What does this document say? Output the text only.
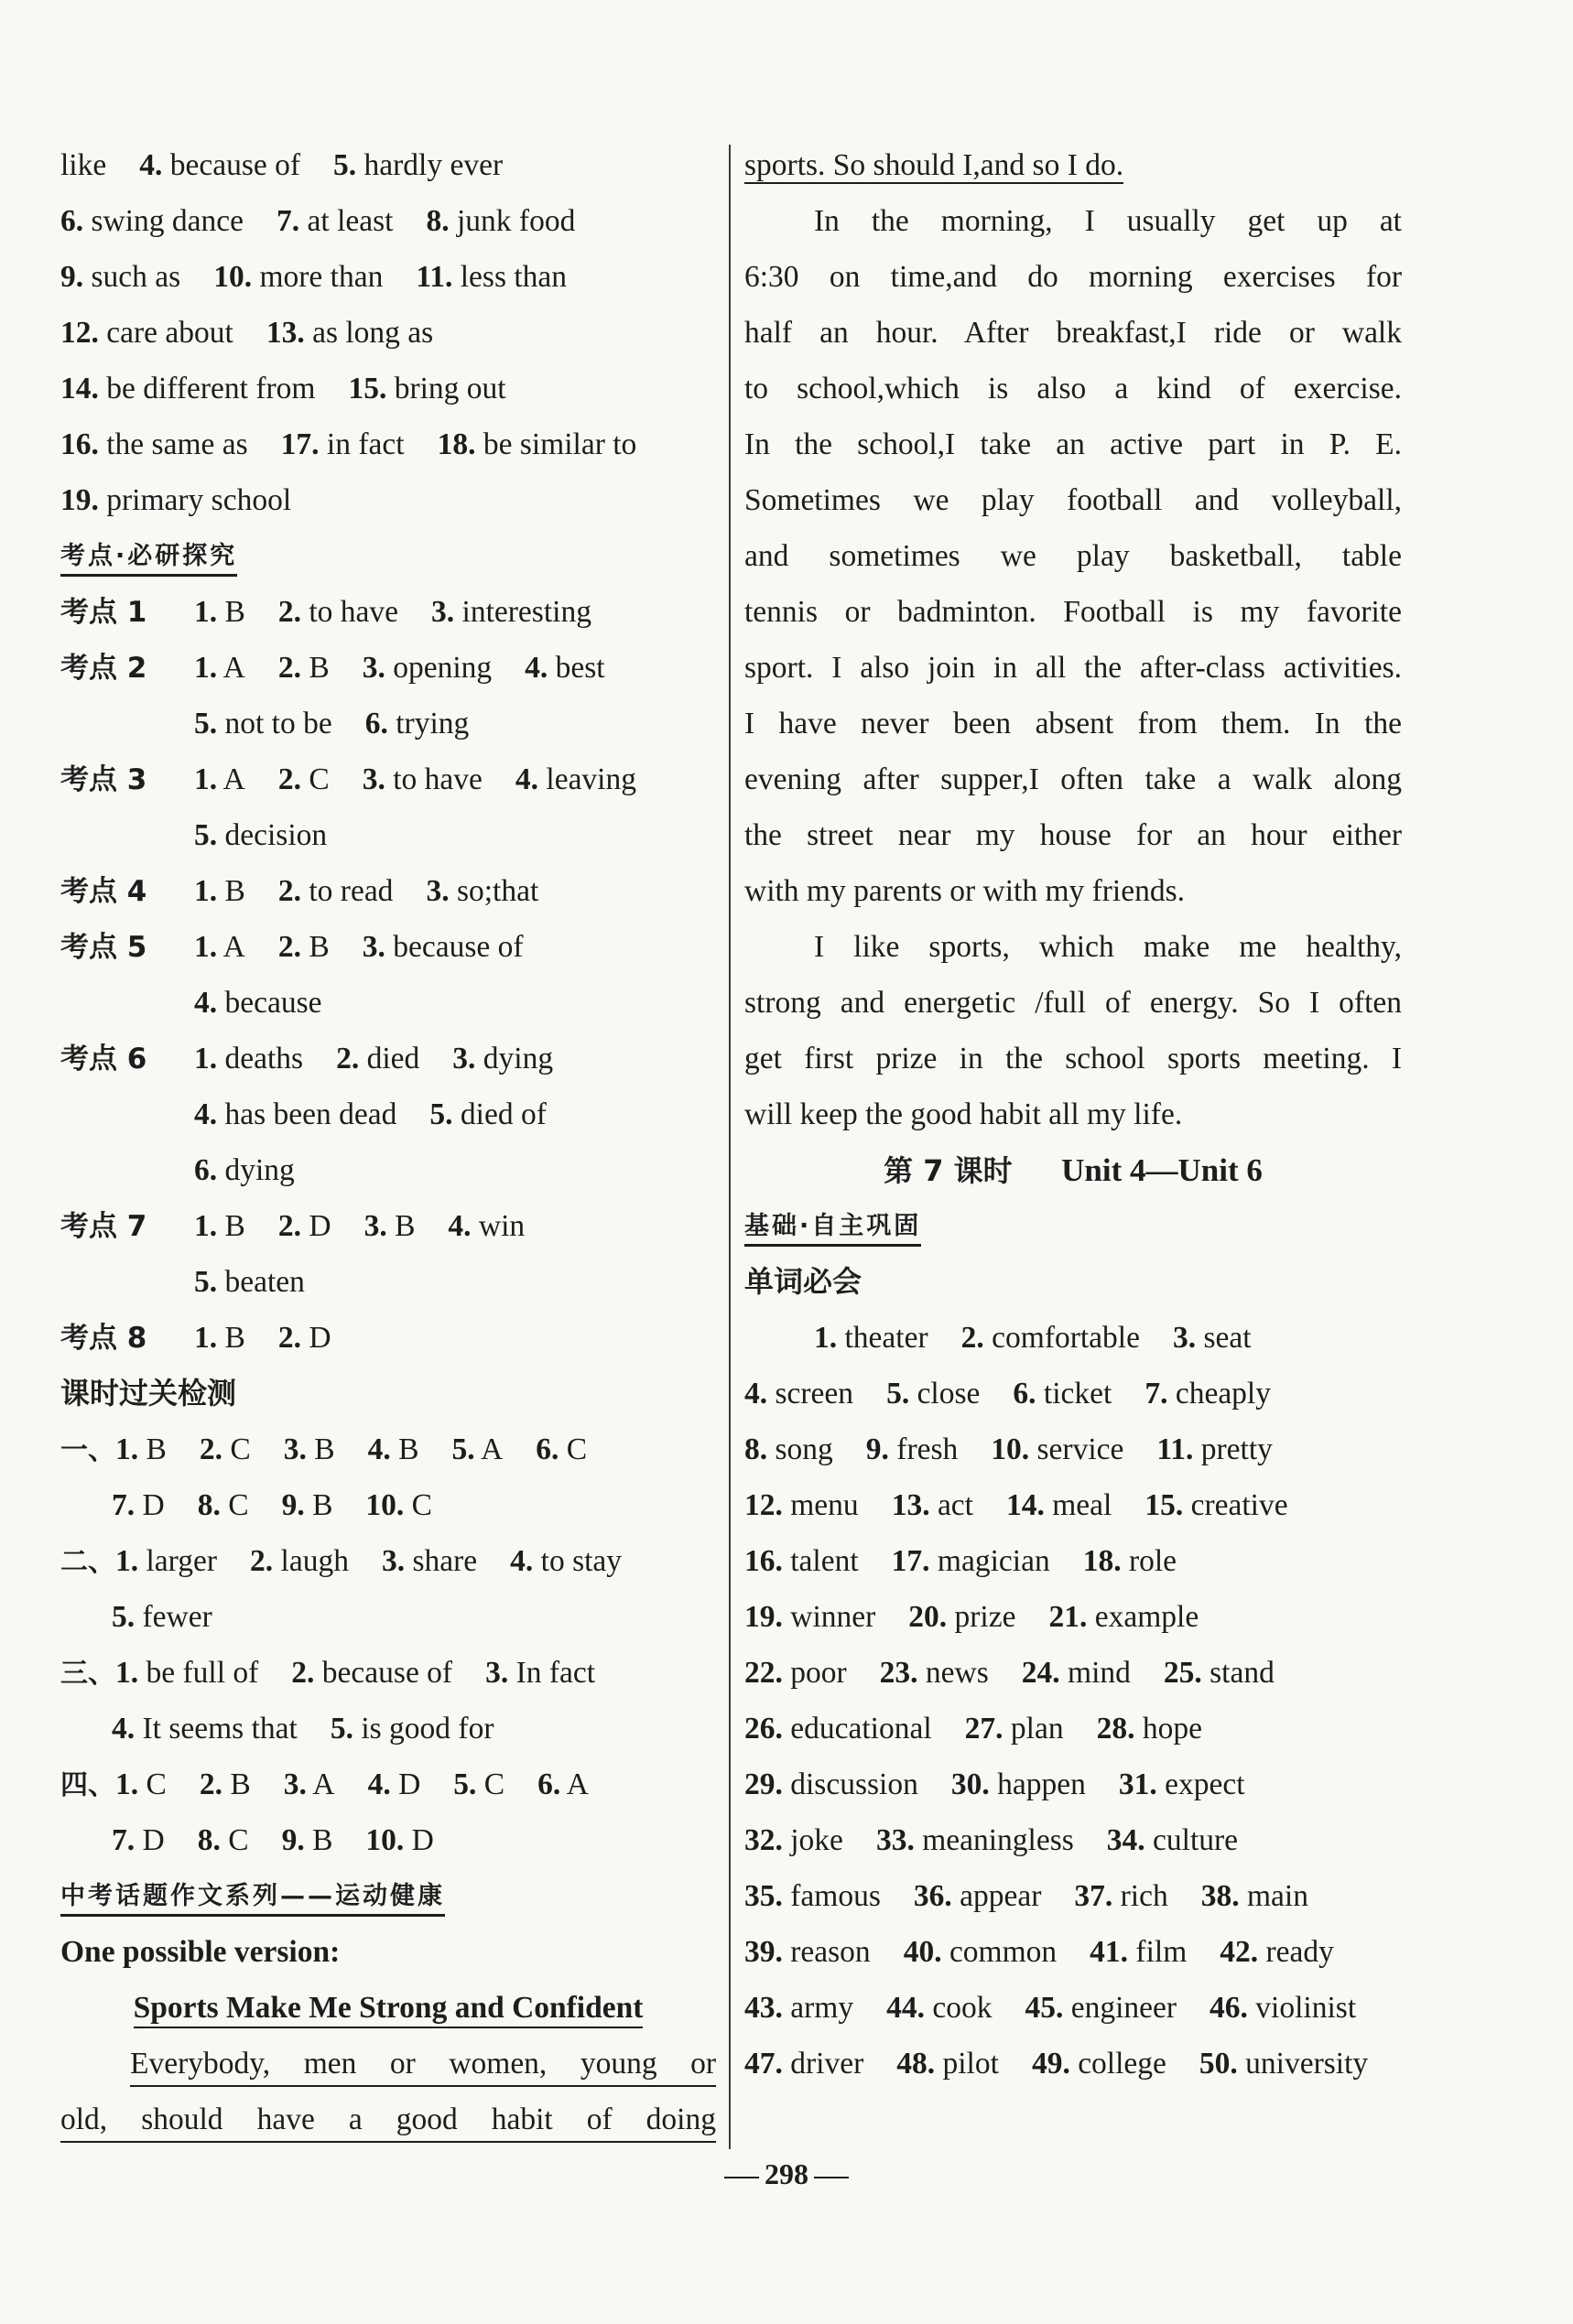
like 4. because of 5. hardly ever
6. swing dance 7. at least 8. junk food
9. such as 10. more than 11. less than
12. care about 13. as long as
14. be different from 15. bring out
16. the same as 17. in fact 18. be similar to
19. primary school
考点·必研探究
考点 1 1. B 2. to have 3. interesting
考点 2 1. A 2. B 3. opening 4. best
5. not to be 6. trying
考点 3 1. A 2. C 3. to have 4. leaving
5. decision
考点 4 1. B 2. to read 3. so;that
考点 5 1. A 2. B 3. because of
4. because
考点 6 1. deaths 2. died 3. dying
4. has been dead 5. died of
6. dying
考点 7 1. B 2. D 3. B 4. win
5. beaten
考点 8 1. B 2. D
课时过关检测
一、1. B 2. C 3. B 4. B 5. A 6. C
7. D 8. C 9. B 10. C
二、1. larger 2. laugh 3. share 4. to stay
5. fewer
三、1. be full of 2. because of 3. In fact
4. It seems that 5. is good for
四、1. C 2. B 3. A 4. D 5. C 6. A
7. D 8. C 9. B 10. D
中考话题作文系列——运动健康
One possible version:
Sports Make Me Strong and Confident
Everybody, men or women, young or
old, should have a good habit of doing
sports. So should I,and so I do.
In the morning, I usually get up at
6:30 on time,and do morning exercises for
half an hour. After breakfast,I ride or walk
to school,which is also a kind of exercise.
In the school,I take an active part in P. E.
Sometimes we play football and volleyball,
and sometimes we play basketball, table
tennis or badminton. Football is my favorite
sport. I also join in all the after-class activities.
I have never been absent from them. In the
evening after supper,I often take a walk along
the street near my house for an hour either
with my parents or with my friends.
I like sports, which make me healthy,
strong and energetic /full of energy. So I often
get first prize in the school sports meeting. I
will keep the good habit all my life.
第 7 课时 Unit 4—Unit 6
基础·自主巩固
单词必会
1. theater 2. comfortable 3. seat
4. screen 5. close 6. ticket 7. cheaply
8. song 9. fresh 10. service 11. pretty
12. menu 13. act 14. meal 15. creative
16. talent 17. magician 18. role
19. winner 20. prize 21. example
22. poor 23. news 24. mind 25. stand
26. educational 27. plan 28. hope
29. discussion 30. happen 31. expect
32. joke 33. meaningless 34. culture
35. famous 36. appear 37. rich 38. main
39. reason 40. common 41. film 42. ready
43. army 44. cook 45. engineer 46. violinist
47. driver 48. pilot 49. college 50. university
298
